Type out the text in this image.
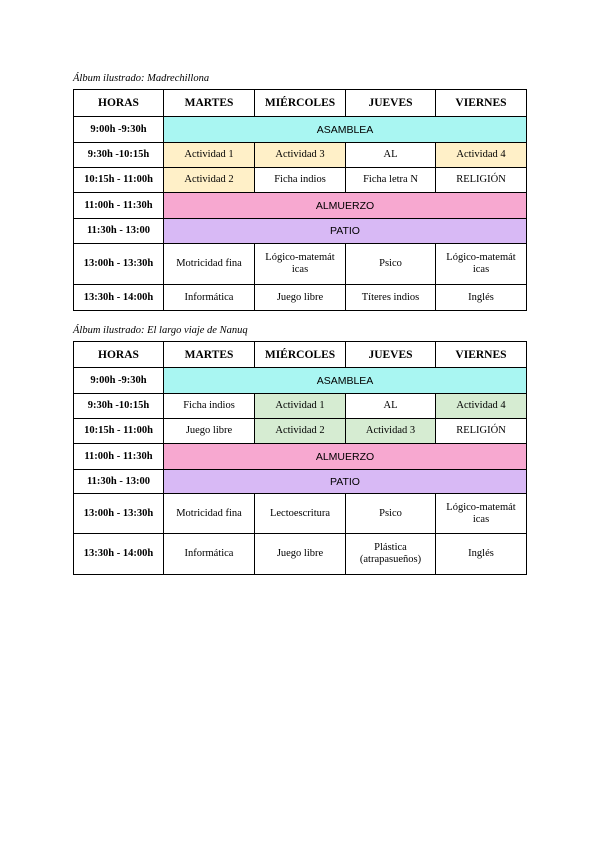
Álbum ilustrado: Madrechillona
HORAS	MARTES	MIÉRCOLES	JUEVES	VIERNES
9:00h -9:30h	ASAMBLEA			
9:30h -10:15h	Actividad 1	Actividad 3	AL	Actividad 4
10:15h - 11:00h	Actividad 2	Ficha indios	Ficha letra N	RELIGIÓN
11:00h - 11:30h	ALMUERZO			
11:30h - 13:00	PATIO			
13:00h - 13:30h	Motricidad fina	Lógico-matemát icas	Psico	Lógico-matemát icas
13:30h - 14:00h	Informática	Juego libre	Títeres indios	Inglés
Álbum ilustrado: El largo viaje de Nanuq
HORAS	MARTES	MIÉRCOLES	JUEVES	VIERNES
9:00h -9:30h	ASAMBLEA			
9:30h -10:15h	Ficha indios	Actividad 1	AL	Actividad 4
10:15h - 11:00h	Juego libre	Actividad 2	Actividad 3	RELIGIÓN
11:00h - 11:30h	ALMUERZO			
11:30h - 13:00	PATIO			
13:00h - 13:30h	Motricidad fina	Lectoescritura	Psico	Lógico-matemát icas
13:30h - 14:00h	Informática	Juego libre	Plástica (atrapasueños)	Inglés
